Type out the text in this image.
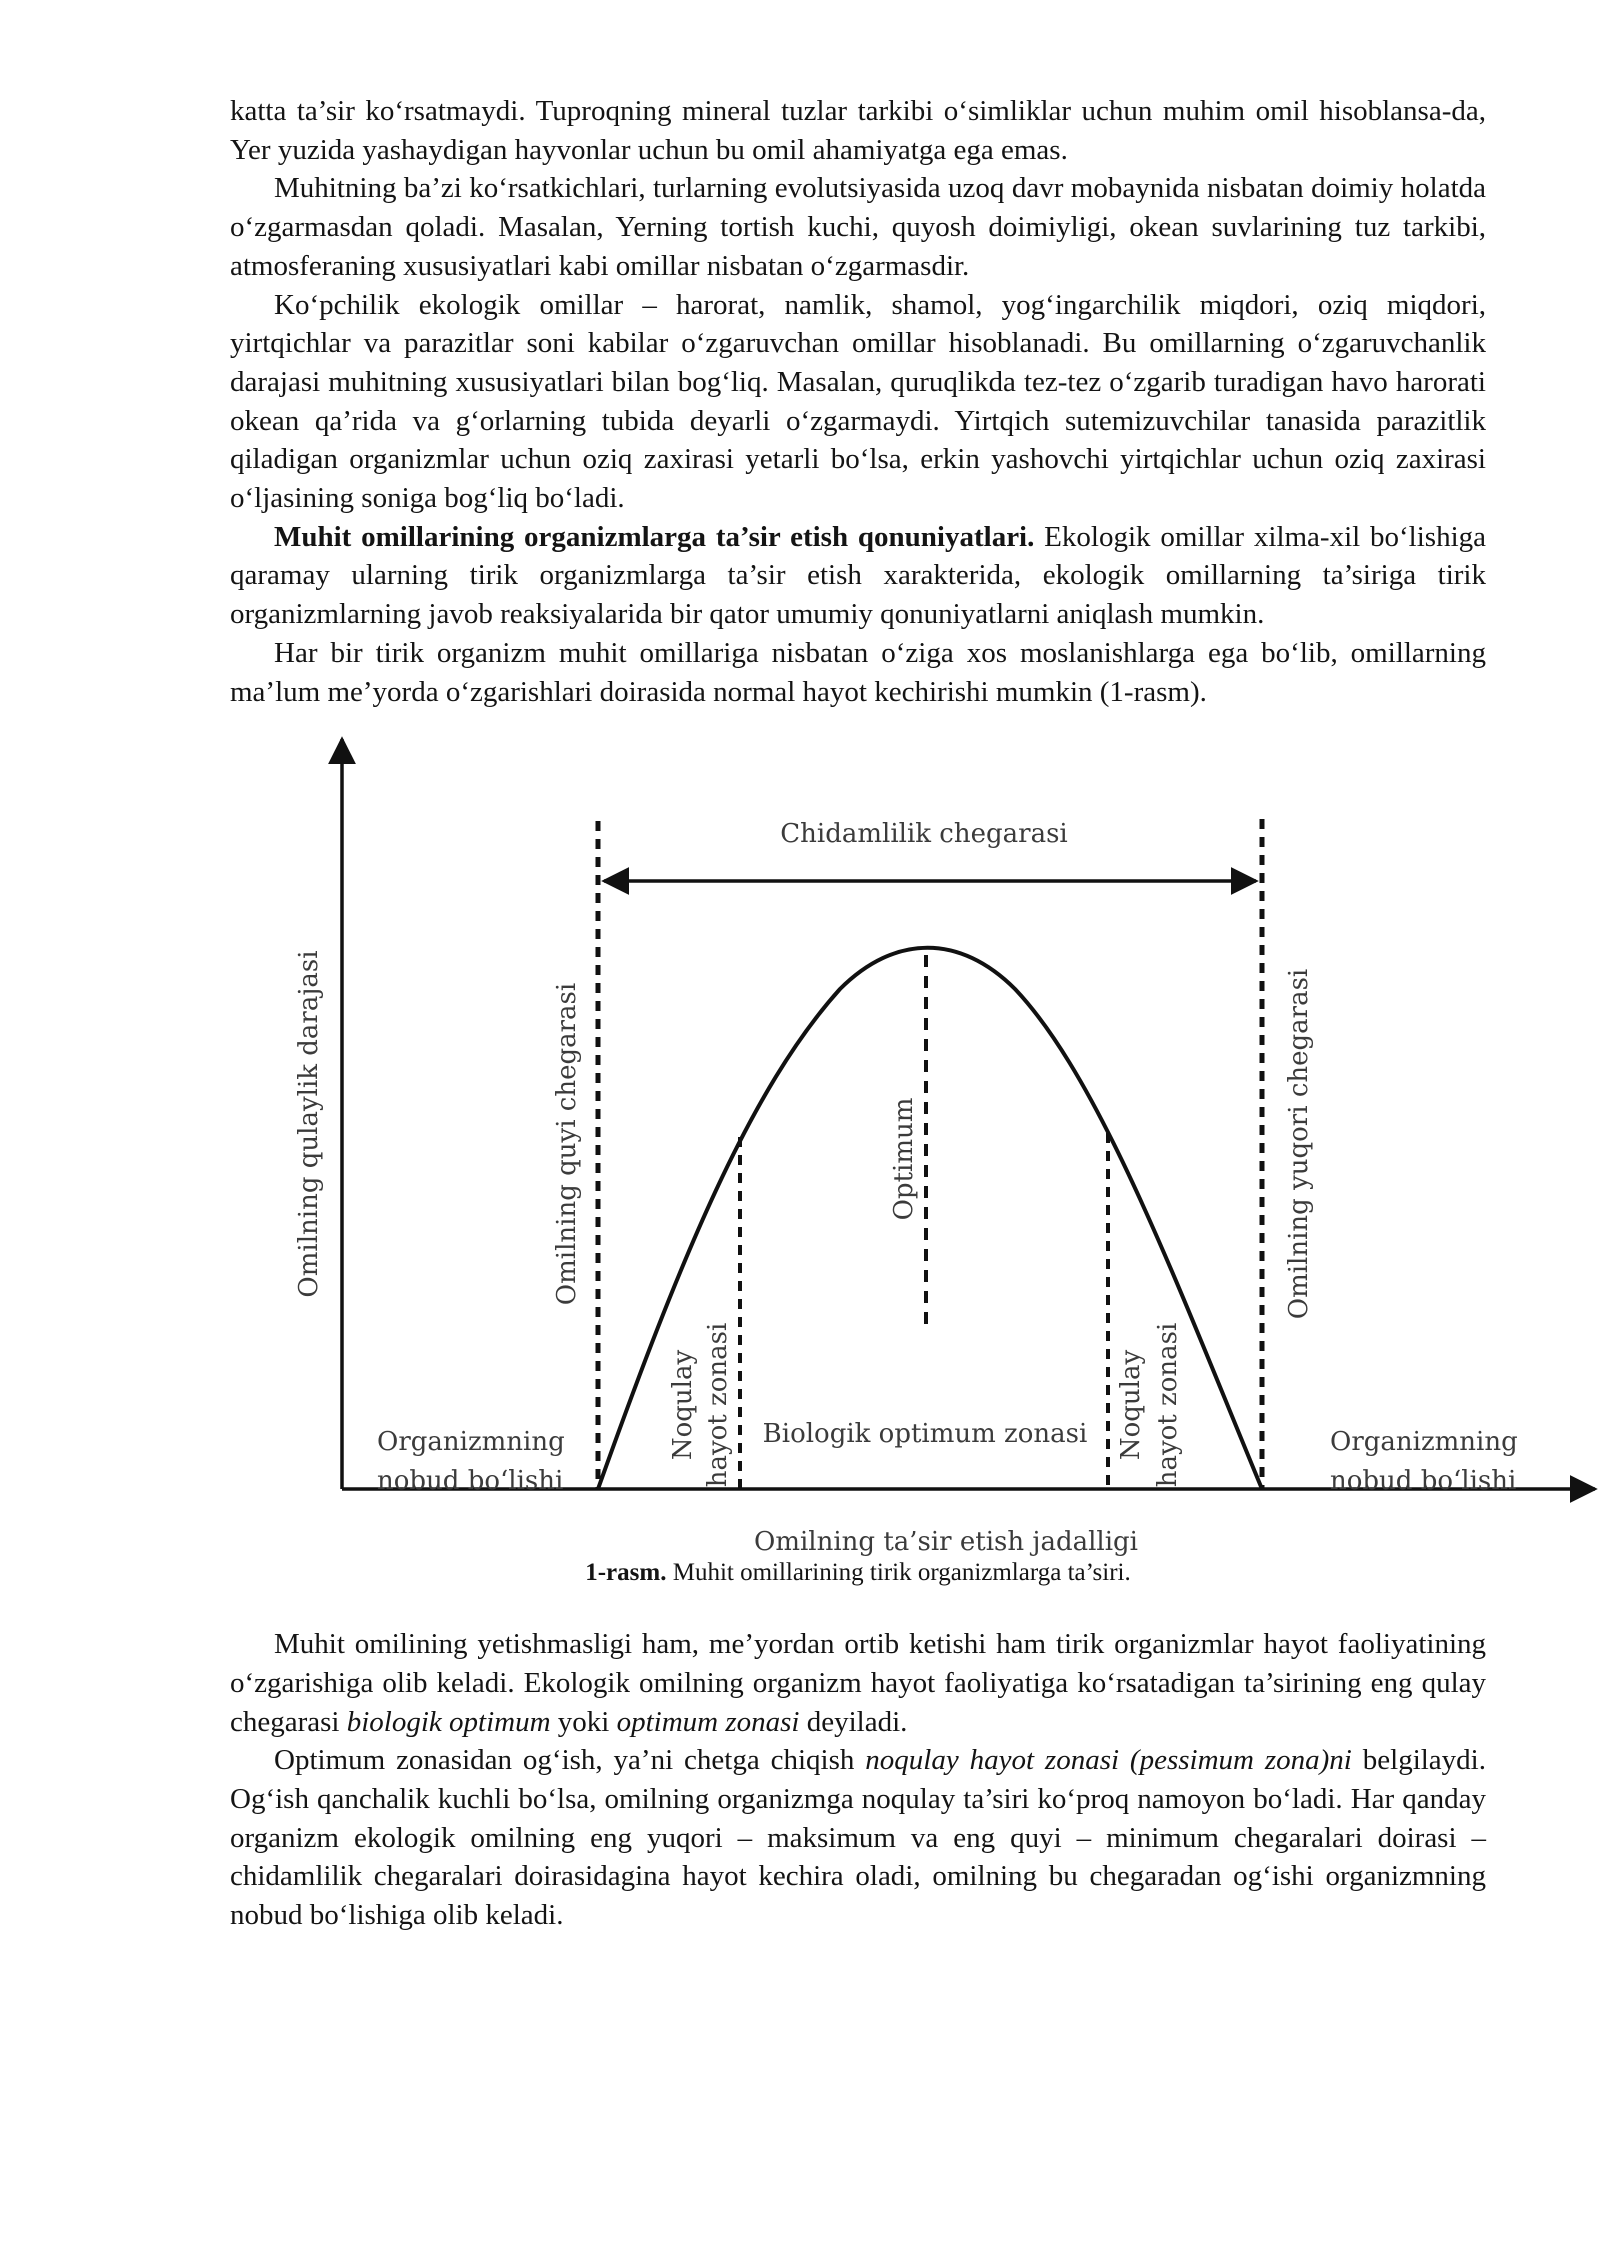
katta ta’sir ko‘rsatmaydi. Tuproqning mineral tuzlar tarkibi o‘simliklar uchun muhim omil hisoblansa-da, Yer yuzida yashaydigan hayvonlar uchun bu omil ahamiyatga ega emas.

Muhitning ba’zi ko‘rsatkichlari, turlarning evolutsiyasida uzoq davr mobaynida nisbatan doimiy holatda o‘zgarmasdan qoladi. Masalan, Yerning tortish kuchi, quyosh doimiyligi, okean suvlarining tuz tarkibi, atmosferaning xususiyatlari kabi omillar nisbatan o‘zgarmasdir.

Ko‘pchilik ekologik omillar – harorat, namlik, shamol, yog‘ingarchilik miqdori, oziq miqdori, yirtqichlar va parazitlar soni kabilar o‘zgaruvchan omillar hisoblanadi. Bu omillarning o‘zgaruvchanlik darajasi muhitning xususiyatlari bilan bog‘liq. Masalan, quruqlikda tez-tez o‘zgarib turadigan havo harorati okean qa’rida va g‘orlarning tubida deyarli o‘zgarmaydi. Yirtqich sutemizuvchilar tanasida parazitlik qiladigan organizmlar uchun oziq zaxirasi yetarli bo‘lsa, erkin yashovchi yirtqichlar uchun oziq zaxirasi o‘ljasining soniga bog‘liq bo‘ladi.

Muhit omillarining organizmlarga ta’sir etish qonuniyatlari. Ekologik omillar xilma-xil bo‘lishiga qaramay ularning tirik organizmlarga ta’sir etish xarakterida, ekologik omillarning ta’siriga tirik organizmlarning javob reaksiyalarida bir qator umumiy qonuniyatlarni aniqlash mumkin.

Har bir tirik organizm muhit omillariga nisbatan o‘ziga xos moslanishlarga ega bo‘lib, omillarning ma’lum me’yorda o‘zgarishlari doirasida normal hayot kechirishi mumkin (1-rasm).

Chidamlilik chegarasi
Omilning qulaylik darajasi	Omilning quyi chegarasi	Omilning yuqori chegarasi
Optimum
Noqulay hayot zonasi	Noqulay hayot zonasi
Biologik optimum zonasi
Organizmning
nobud bo‘lishi
Organizmning
nobud bo‘lishi
Omilning ta’sir etish jadalligi

1-rasm. Muhit omillarining tirik organizmlarga ta’siri.

Muhit omilining yetishmasligi ham, me’yordan ortib ketishi ham tirik organizmlar hayot faoliyatining o‘zgarishiga olib keladi. Ekologik omilning organizm hayot faoliyatiga ko‘rsatadigan ta’sirining eng qulay chegarasi biologik optimum yoki optimum zonasi deyiladi.

Optimum zonasidan og‘ish, ya’ni chetga chiqish noqulay hayot zonasi (pessimum zona)ni belgilaydi. Og‘ish qanchalik kuchli bo‘lsa, omilning organizmga noqulay ta’siri ko‘proq namoyon bo‘ladi. Har qanday organizm ekologik omilning eng yuqori – maksimum va eng quyi – minimum chegaralari doirasi – chidamlilik chegaralari doirasidagina hayot kechira oladi, omilning bu chegaradan og‘ishi organizmning nobud bo‘lishiga olib keladi.
